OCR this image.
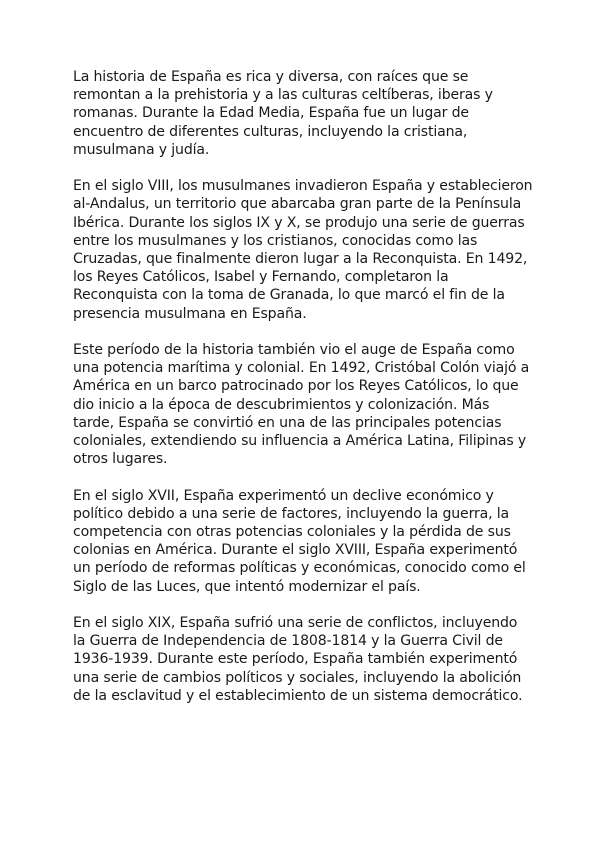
La historia de España es rica y diversa, con raíces que se remontan a la prehistoria y a las culturas celtíberas, iberas y romanas. Durante la Edad Media, España fue un lugar de encuentro de diferentes culturas, incluyendo la cristiana, musulmana y judía.

En el siglo VIII, los musulmanes invadieron España y establecieron al-Andalus, un territorio que abarcaba gran parte de la Península Ibérica. Durante los siglos IX y X, se produjo una serie de guerras entre los musulmanes y los cristianos, conocidas como las Cruzadas, que finalmente dieron lugar a la Reconquista. En 1492, los Reyes Católicos, Isabel y Fernando, completaron la Reconquista con la toma de Granada, lo que marcó el fin de la presencia musulmana en España.

Este período de la historia también vio el auge de España como una potencia marítima y colonial. En 1492, Cristóbal Colón viajó a América en un barco patrocinado por los Reyes Católicos, lo que dio inicio a la época de descubrimientos y colonización. Más tarde, España se convirtió en una de las principales potencias coloniales, extendiendo su influencia a América Latina, Filipinas y otros lugares.

En el siglo XVII, España experimentó un declive económico y político debido a una serie de factores, incluyendo la guerra, la competencia con otras potencias coloniales y la pérdida de sus colonias en América. Durante el siglo XVIII, España experimentó un período de reformas políticas y económicas, conocido como el Siglo de las Luces, que intentó modernizar el país.

En el siglo XIX, España sufrió una serie de conflictos, incluyendo la Guerra de Independencia de 1808-1814 y la Guerra Civil de 1936-1939. Durante este período, España también experimentó una serie de cambios políticos y sociales, incluyendo la abolición de la esclavitud y el establecimiento de un sistema democrático.
